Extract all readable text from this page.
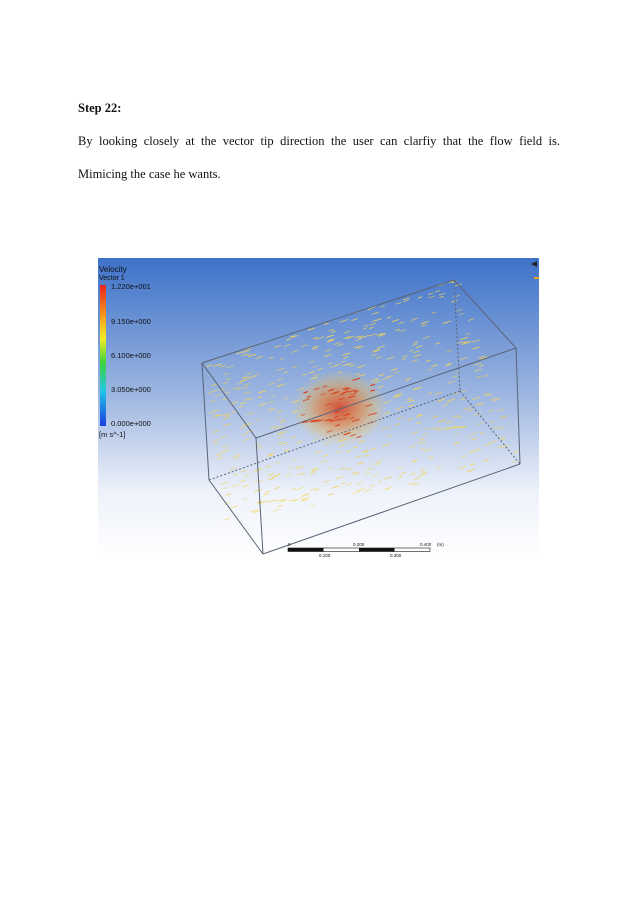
Step 22:
By looking closely at the vector tip direction the user can clarfiy that the flow field is.
Mimicing the case he wants.
Velocity
Vector 1
1.220e+001
9.150e+000
6.100e+000
3.050e+000
0.000e+000
[m s^-1]
0	0.200	0.400 (m)
0.100	0.300
